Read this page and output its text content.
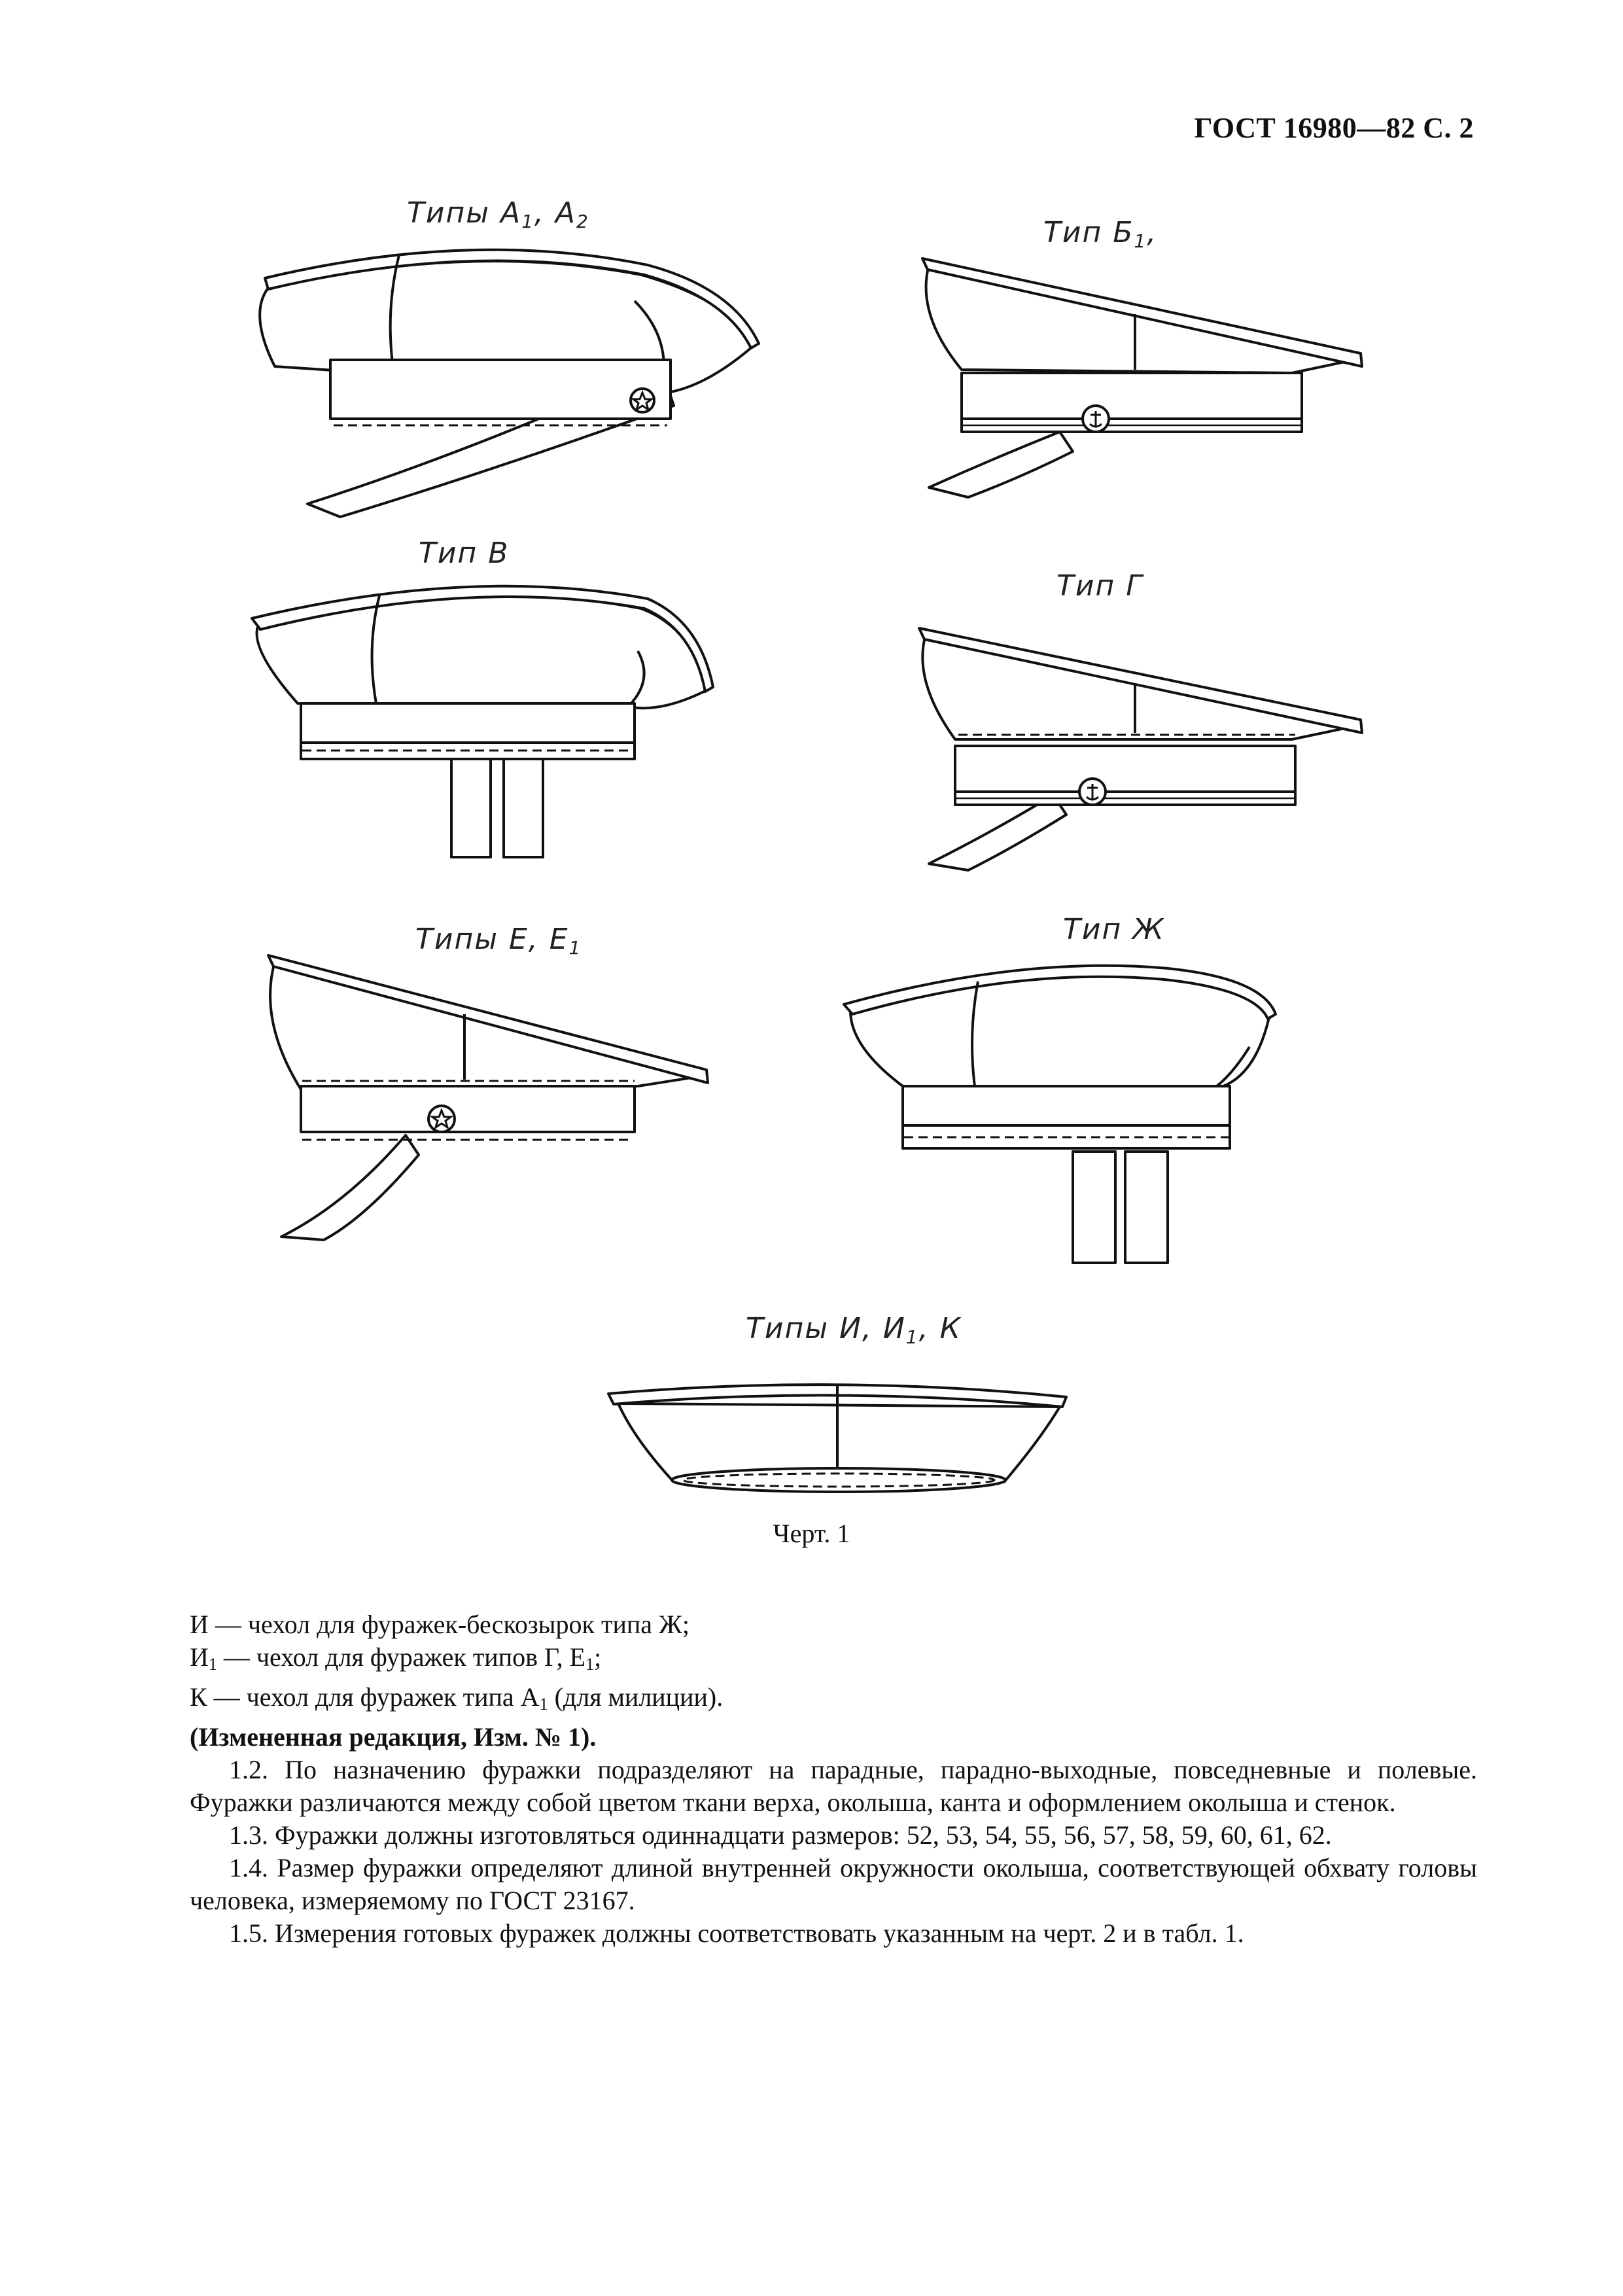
ГОСТ 16980—82 С. 2
Типы $А_1$, $А_2$	Тип $Б_1$,
Тип В
Тип Г
Типы Е, $Е_1$
Тип Ж
Типы И, $И_1$, К
Черт. 1

И — чехол для фуражек-бескозырок типа Ж;

$И_1$ — чехол для фуражек типов Г, $Е_1$;

К — чехол для фуражек типа $А_1$ (для милиции).

(Измененная редакция, Изм. № 1).

1.2. По назначению фуражки подразделяют на парадные, парадно-выходные, повседневные и полевые. Фуражки различаются между собой цветом ткани верха, околыша, канта и оформлением околыша и стенок.

1.3. Фуражки должны изготовляться одиннадцати размеров: 52, 53, 54, 55, 56, 57, 58, 59, 60, 61, 62.

1.4. Размер фуражки определяют длиной внутренней окружности околыша, соответствующей обхвату головы человека, измеряемому по ГОСТ 23167.

1.5. Измерения готовых фуражек должны соответствовать указанным на черт. 2 и в табл. 1.
